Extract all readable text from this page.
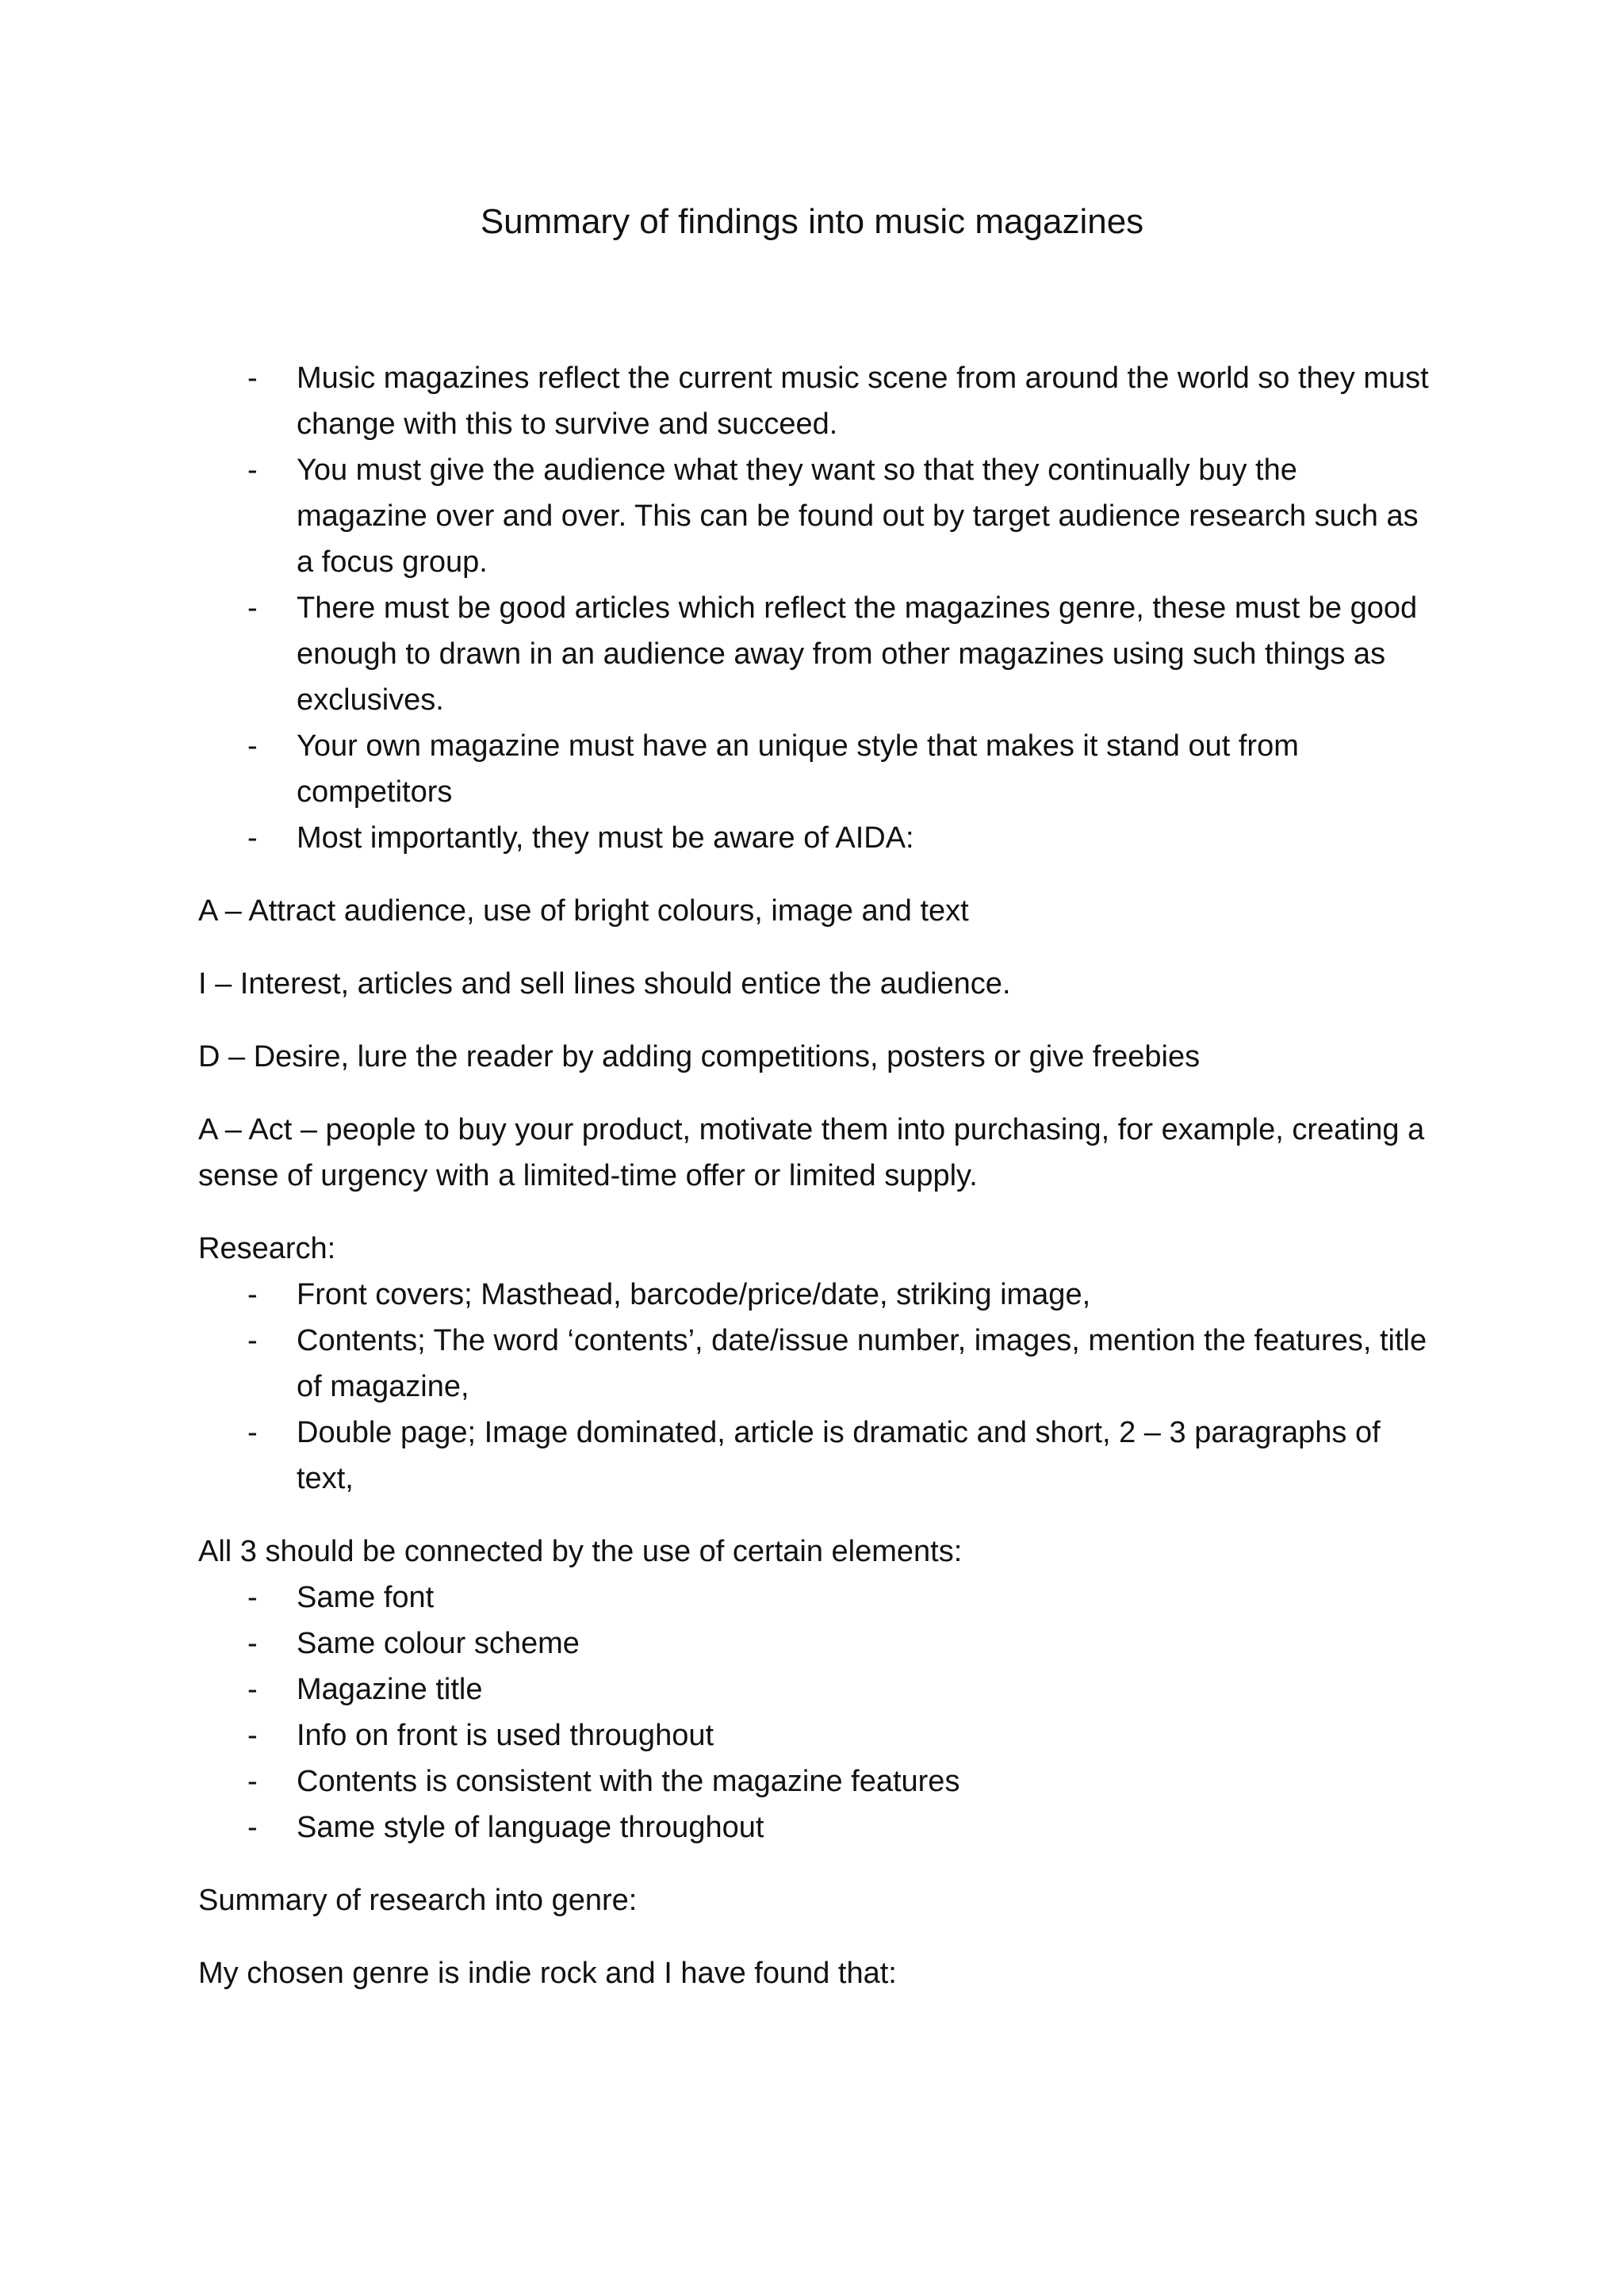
Summary of findings into music magazines
- Music magazines reflect the current music scene from around the world so they must change with this to survive and succeed.
- You must give the audience what they want so that they continually buy the magazine over and over. This can be found out by target audience research such as a focus group.
- There must be good articles which reflect the magazines genre, these must be good enough to drawn in an audience away from other magazines using such things as exclusives.
- Your own magazine must have an unique style that makes it stand out from competitors
- Most importantly, they must be aware of AIDA:

A – Attract audience, use of bright colours, image and text

I – Interest, articles and sell lines should entice the audience.

D – Desire, lure the reader by adding competitions, posters or give freebies

A – Act – people to buy your product, motivate them into purchasing, for example, creating a sense of urgency with a limited-time offer or limited supply.

Research:

- Front covers; Masthead, barcode/price/date, striking image,
- Contents; The word ‘contents’, date/issue number, images, mention the features, title of magazine,
- Double page; Image dominated, article is dramatic and short, 2 – 3 paragraphs of text,

All 3 should be connected by the use of certain elements:

- Same font
- Same colour scheme
- Magazine title
- Info on front is used throughout
- Contents is consistent with the magazine features
- Same style of language throughout

Summary of research into genre:

My chosen genre is indie rock and I have found that:
